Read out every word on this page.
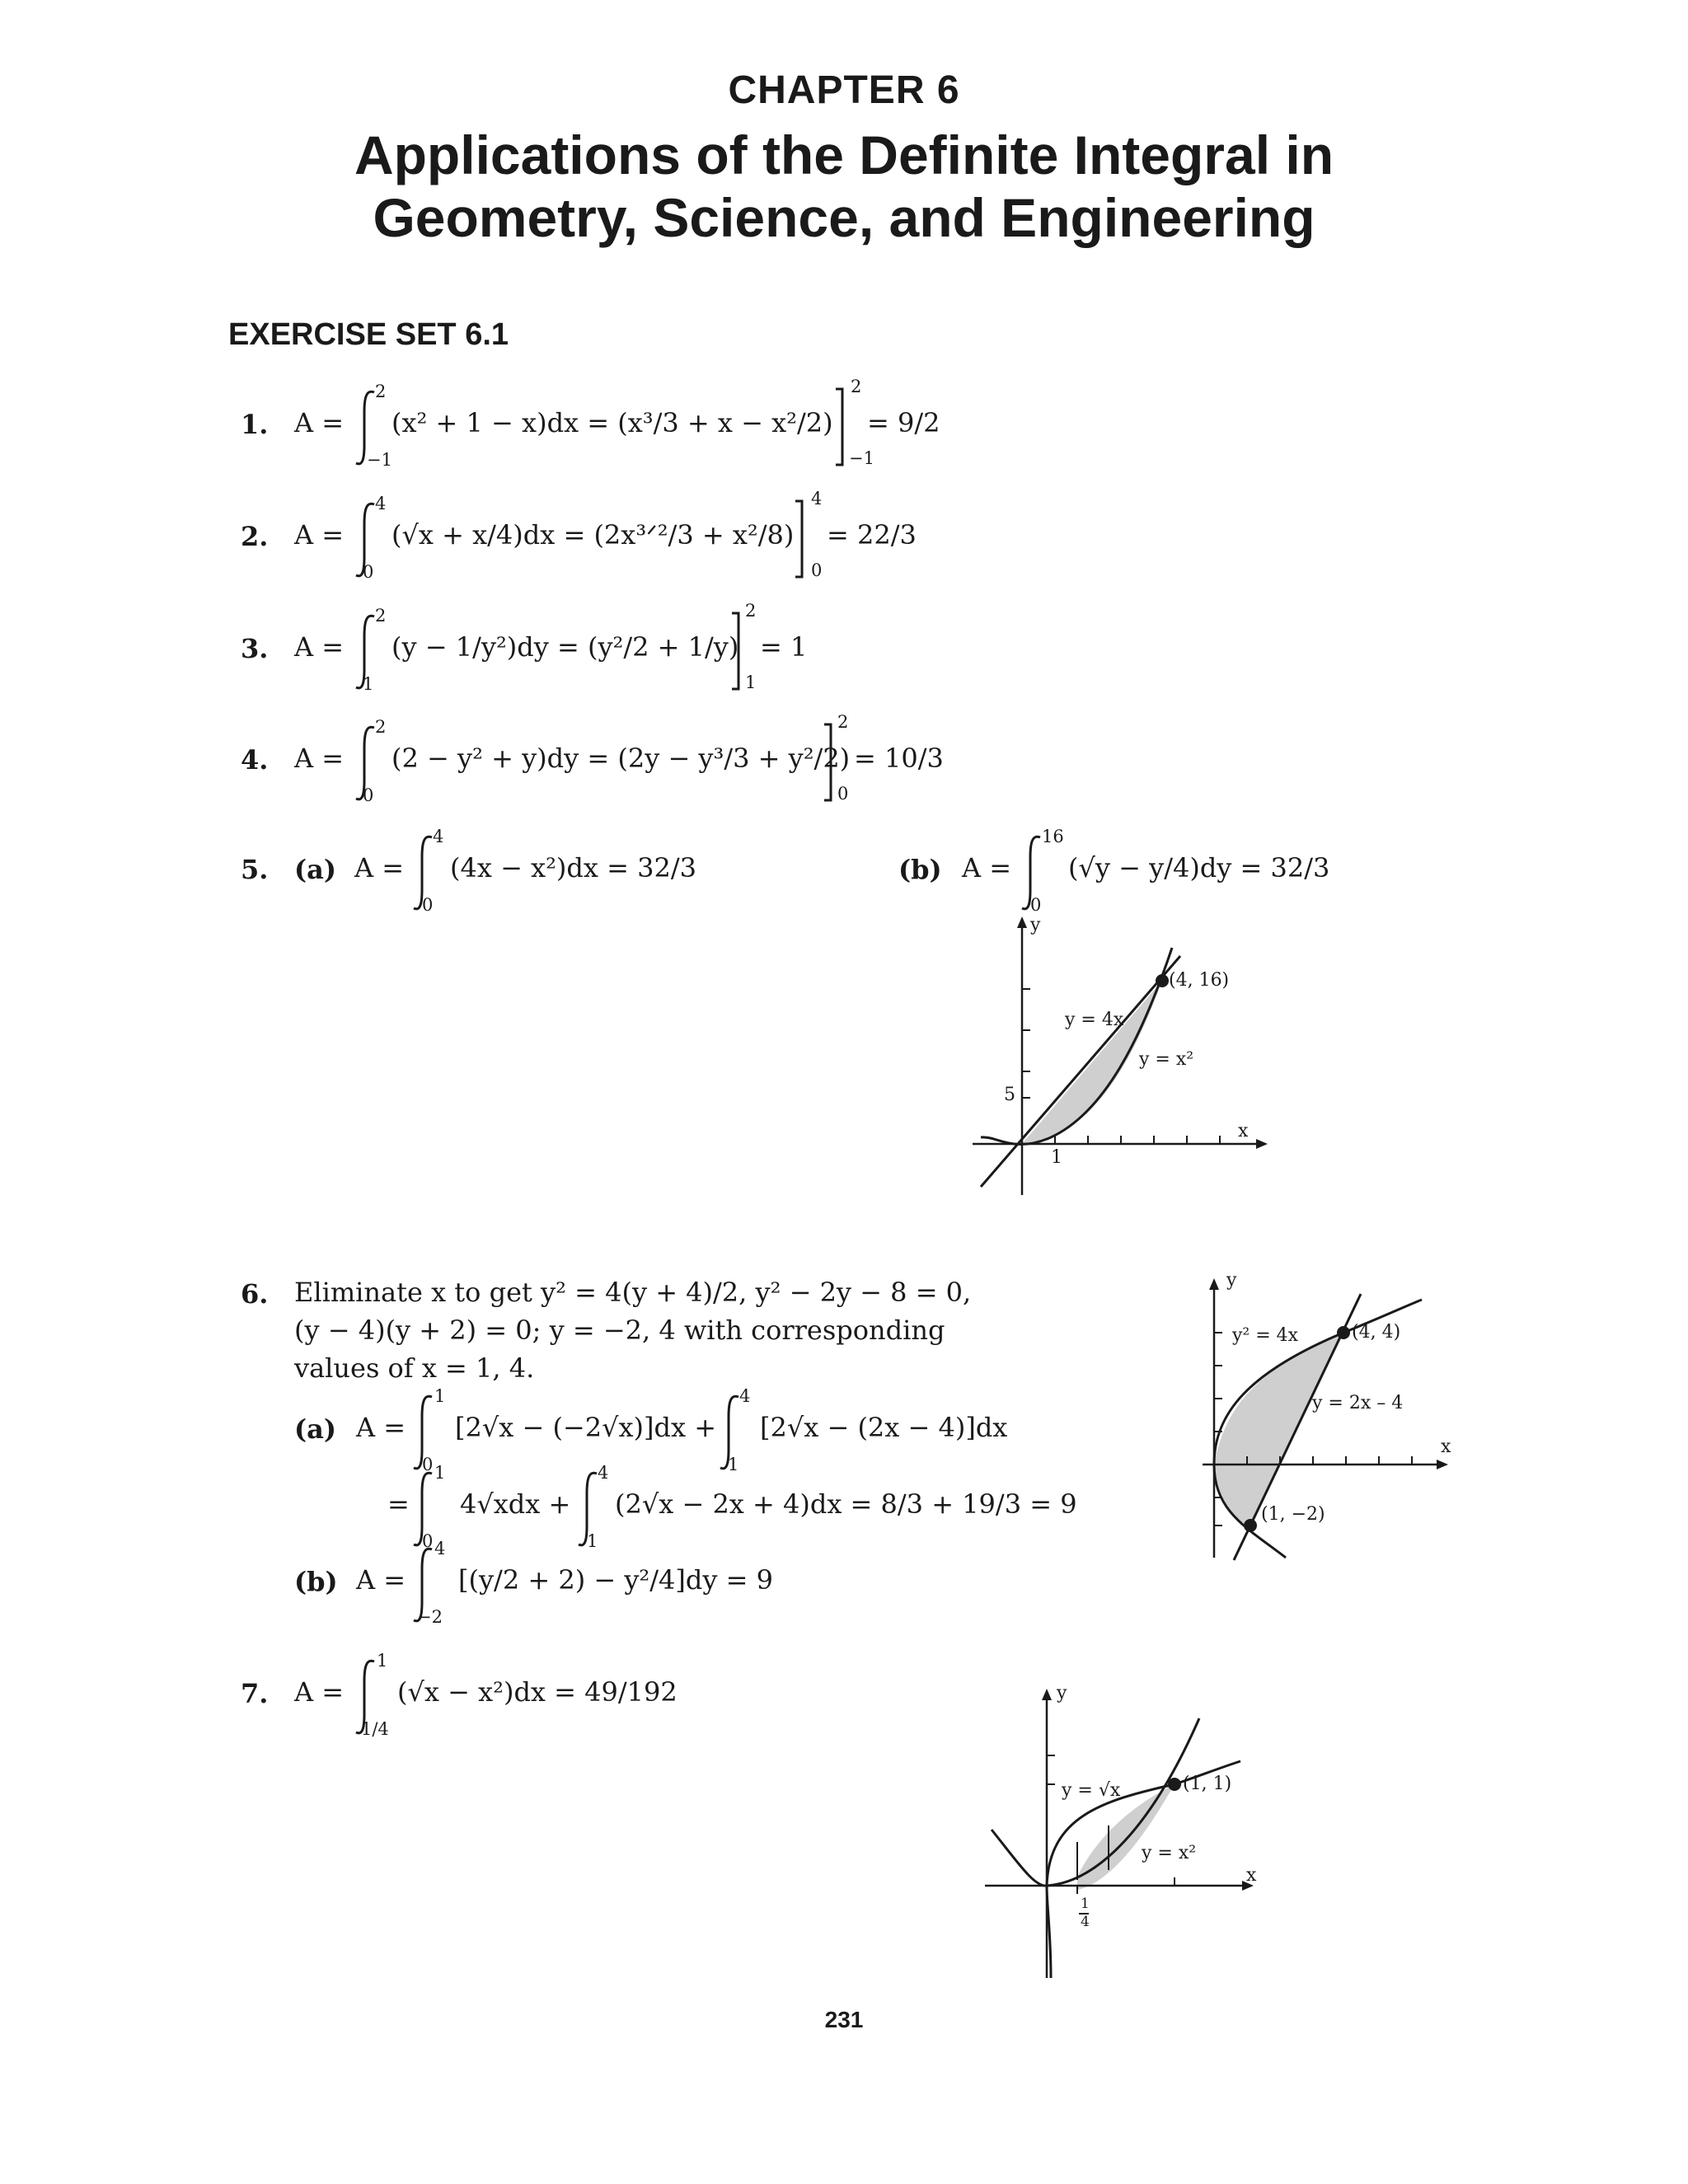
CHAPTER 6
Applications of the Definite Integral in
Geometry, Science, and Engineering
EXERCISE SET 6.1
1. A =
2
−1
(x² + 1 − x)dx = (x³/3 + x − x²/2)
2
−1
= 9/2
2. A =
4
0
(√x + x/4)dx = (2x³ᐟ²/3 + x²/8)
4
0
= 22/3
3. A =
2
1
(y − 1/y²)dy = (y²/2 + 1/y)
2
1
= 1
4. A =
2
0
(2 − y² + y)dy = (2y − y³/3 + y²/2)
2
0
= 10/3
5. (a) A =
4
0
(4x − x²)dx = 32/3	(b) A =
16
0
(√y − y/4)dy = 32/3
y
x
(4, 16)
y = 4x
y = x²
5
1
6. Eliminate x to get y² = 4(y + 4)/2, y² − 2y − 8 = 0,
(y − 4)(y + 2) = 0; y = −2, 4 with corresponding
values of x = 1, 4.
(a) A =
1
0
[2√x − (−2√x)]dx +
4
1
[2√x − (2x − 4)]dx
=
1
0
4√xdx +
4
1
(2√x − 2x + 4)dx = 8/3 + 19/3 = 9
(b) A =
4
−2
[(y/2 + 2) − y²/4]dy = 9
y
x
(4, 4)
(1, −2)
y² = 4x
y = 2x – 4
7. A =
1
1/4
(√x − x²)dx = 49/192	y
x
(1, 1)
y = √x
y = x²
1
4
231
